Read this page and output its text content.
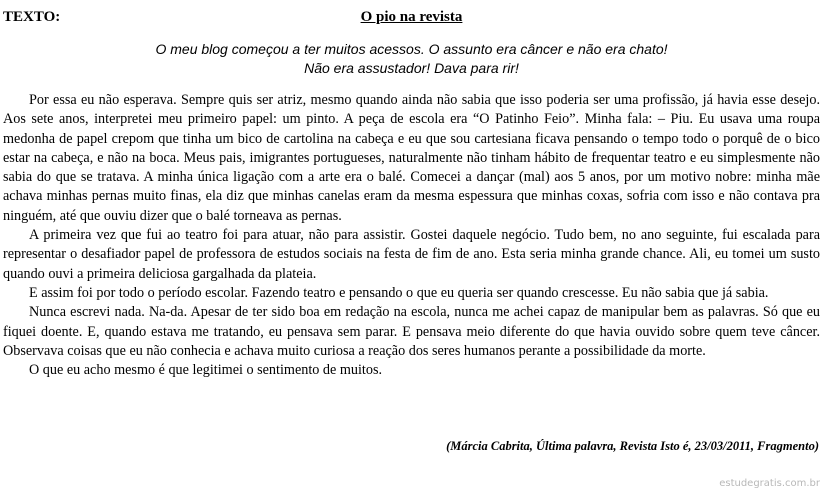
TEXTO:	O pio na revista
O meu blog começou a ter muitos acessos. O assunto era câncer e não era chato!
Não era assustador! Dava para rir!

Por essa eu não esperava. Sempre quis ser atriz, mesmo quando ainda não sabia que isso poderia ser uma profissão, já havia esse desejo. Aos sete anos, interpretei meu primeiro papel: um pinto. A peça de escola era “O Patinho Feio”. Minha fala: – Piu. Eu usava uma roupa medonha de papel crepom que tinha um bico de cartolina na cabeça e eu que sou cartesiana ficava pensando o tempo todo o porquê de o bico estar na cabeça, e não na boca. Meus pais, imigrantes portugueses, naturalmente não tinham hábito de frequentar teatro e eu simplesmente não sabia do que se tratava. A minha única ligação com a arte era o balé. Comecei a dançar (mal) aos 5 anos, por um motivo nobre: minha mãe achava minhas pernas muito finas, ela diz que minhas canelas eram da mesma espessura que minhas coxas, sofria com isso e não contava pra ninguém, até que ouviu dizer que o balé torneava as pernas.

A primeira vez que fui ao teatro foi para atuar, não para assistir. Gostei daquele negócio. Tudo bem, no ano seguinte, fui escalada para representar o desafiador papel de professora de estudos sociais na festa de fim de ano. Esta seria minha grande chance. Ali, eu tomei um susto quando ouvi a primeira deliciosa gargalhada da plateia.

E assim foi por todo o período escolar. Fazendo teatro e pensando o que eu queria ser quando crescesse. Eu não sabia que já sabia.

Nunca escrevi nada. Na-da. Apesar de ter sido boa em redação na escola, nunca me achei capaz de manipular bem as palavras. Só que eu fiquei doente. E, quando estava me tratando, eu pensava sem parar. E pensava meio diferente do que havia ouvido sobre quem teve câncer. Observava coisas que eu não conhecia e achava muito curiosa a reação dos seres humanos perante a possibilidade da morte.

O que eu acho mesmo é que legitimei o sentimento de muitos.

(Márcia Cabrita, Última palavra, Revista Isto é, 23/03/2011, Fragmento)
estudegratis.com.br
